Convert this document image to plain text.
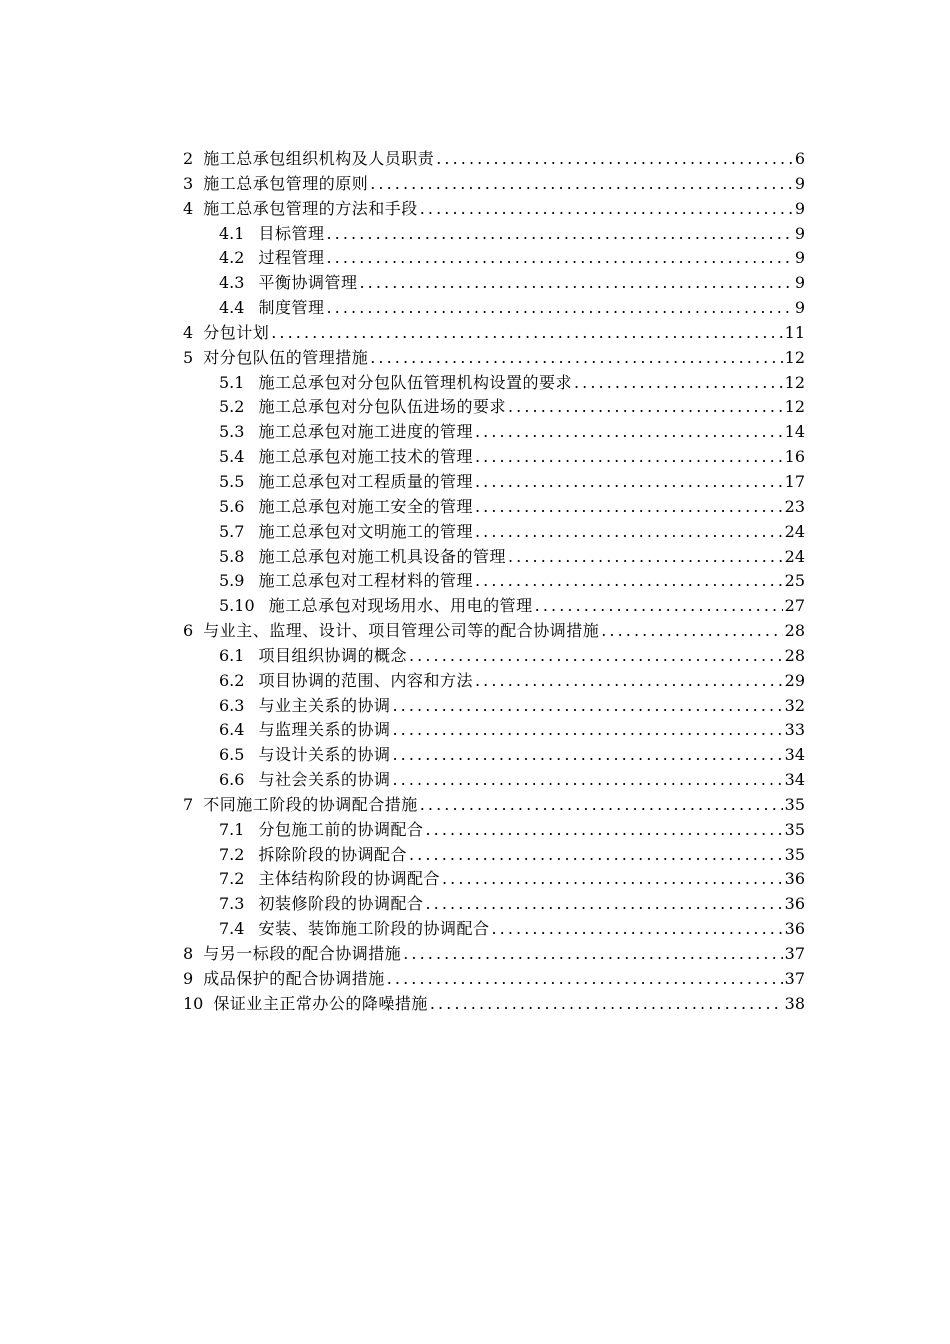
2 施工总承包组织机构及人员职责 .....	6
3 施工总承包管理的原则 .....	9
4 施工总承包管理的方法和手段 .....	9
4.1 目标管理 .....	9
4.2 过程管理 .....	9
4.3 平衡协调管理 .....	9
4.4 制度管理 .....	9
4 分包计划 .....	11
5 对分包队伍的管理措施 .....	12
5.1 施工总承包对分包队伍管理机构设置的要求 .....	12
5.2 施工总承包对分包队伍进场的要求 .....	12
5.3 施工总承包对施工进度的管理 .....	14
5.4 施工总承包对施工技术的管理 .....	16
5.5 施工总承包对工程质量的管理 .....	17
5.6 施工总承包对施工安全的管理 .....	23
5.7 施工总承包对文明施工的管理 .....	24
5.8 施工总承包对施工机具设备的管理 .....	24
5.9 施工总承包对工程材料的管理 .....	25
5.10 施工总承包对现场用水、用电的管理 .....	27
6 与业主、监理、设计、项目管理公司等的配合协调措施 .....	28
6.1 项目组织协调的概念 .....	28
6.2 项目协调的范围、内容和方法 .....	29
6.3 与业主关系的协调 .....	32
6.4 与监理关系的协调 .....	33
6.5 与设计关系的协调 .....	34
6.6 与社会关系的协调 .....	34
7 不同施工阶段的协调配合措施 .....	35
7.1 分包施工前的协调配合 .....	35
7.2 拆除阶段的协调配合 .....	35
7.2 主体结构阶段的协调配合 .....	36
7.3 初装修阶段的协调配合 .....	36
7.4 安装、装饰施工阶段的协调配合 .....	36
8 与另一标段的配合协调措施 .....	37
9 成品保护的配合协调措施 .....	37
10 保证业主正常办公的降噪措施 .....	38
